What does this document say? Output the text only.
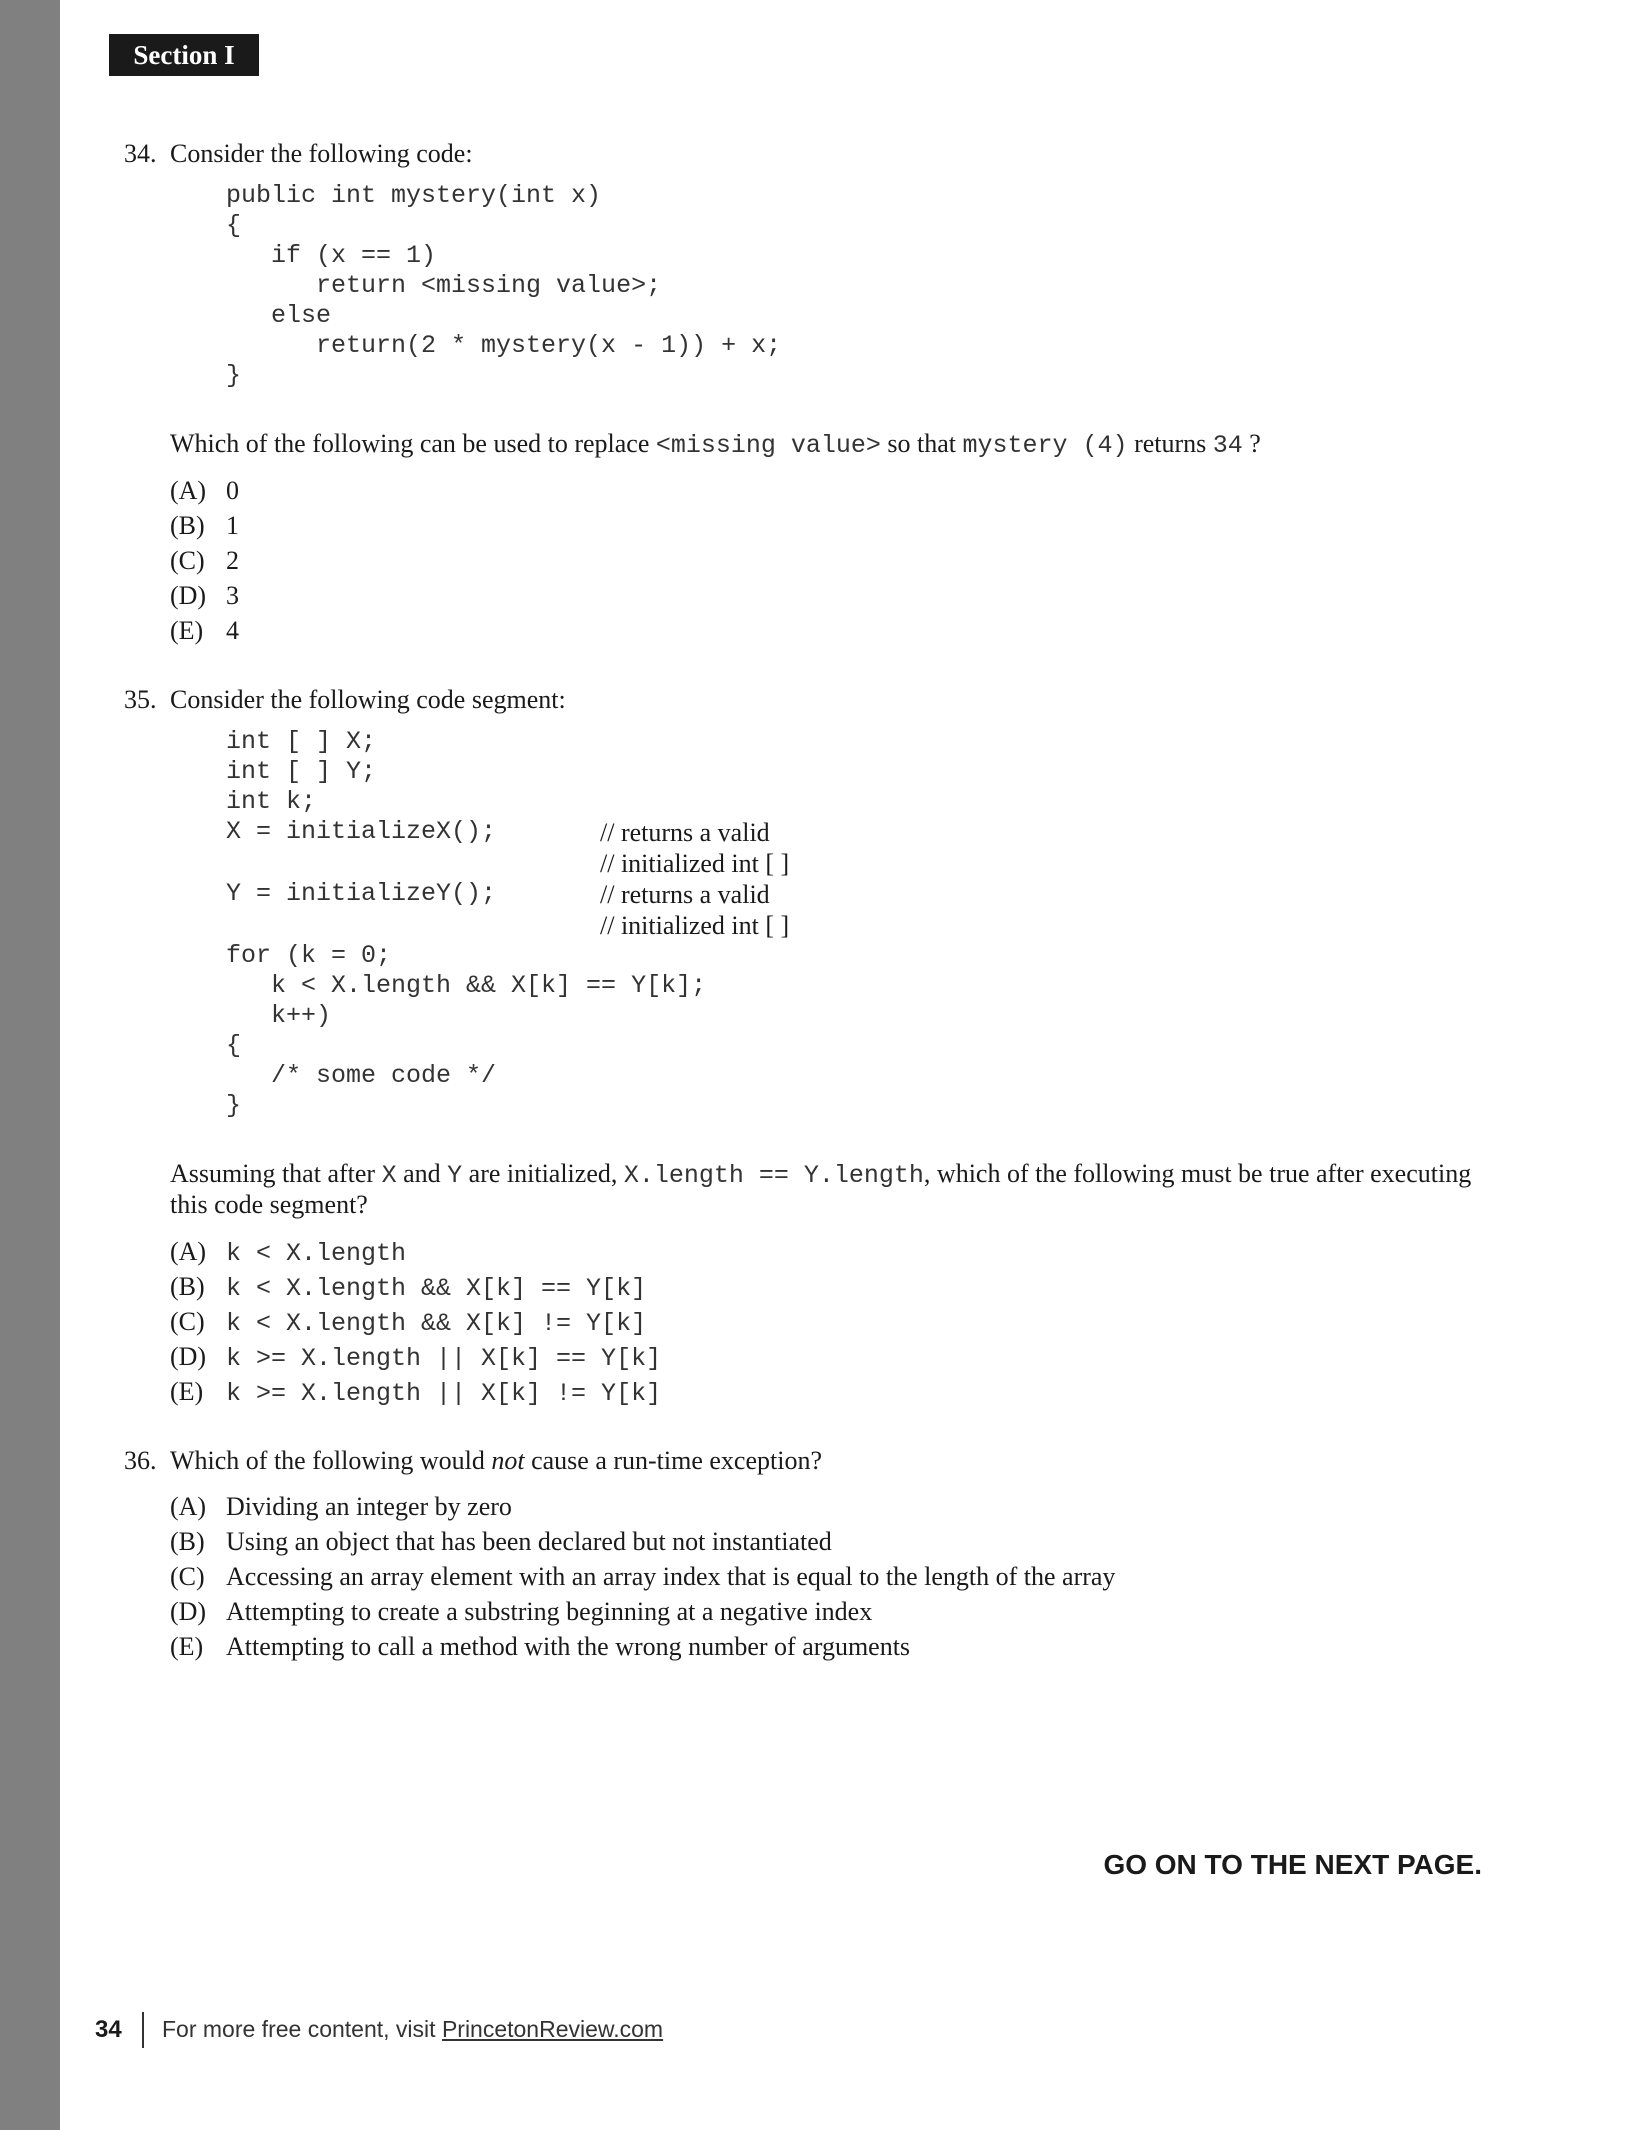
Section I
34. Consider the following code:
public int mystery(int x)
{
if (x == 1)
return <missing value>;
else
return(2 * mystery(x - 1)) + x;
}
Which of the following can be used to replace <missing value> so that mystery (4) returns 34 ?
(A) 0
(B) 1
(C) 2
(D) 3
(E) 4
35. Consider the following code segment:
int [ ] X;
int [ ] Y;
int k;
X = initializeX();
Y = initializeY();
for (k = 0;
k < X.length && X[k] == Y[k];
k++)
{
/* some code */
}
// returns a valid
// initialized int [ ]
// returns a valid
// initialized int [ ]
Assuming that after X and Y are initialized, X.length == Y.length, which of the following must be true after executing
this code segment?
(A) k < X.length
(B) k < X.length && X[k] == Y[k]
(C) k < X.length && X[k] != Y[k]
(D) k >= X.length || X[k] == Y[k]
(E) k >= X.length || X[k] != Y[k]
36. Which of the following would not cause a run-time exception?
(A) Dividing an integer by zero
(B) Using an object that has been declared but not instantiated
(C) Accessing an array element with an array index that is equal to the length of the array
(D) Attempting to create a substring beginning at a negative index
(E) Attempting to call a method with the wrong number of arguments
GO ON TO THE NEXT PAGE.
34 For more free content, visit PrincetonReview.com
